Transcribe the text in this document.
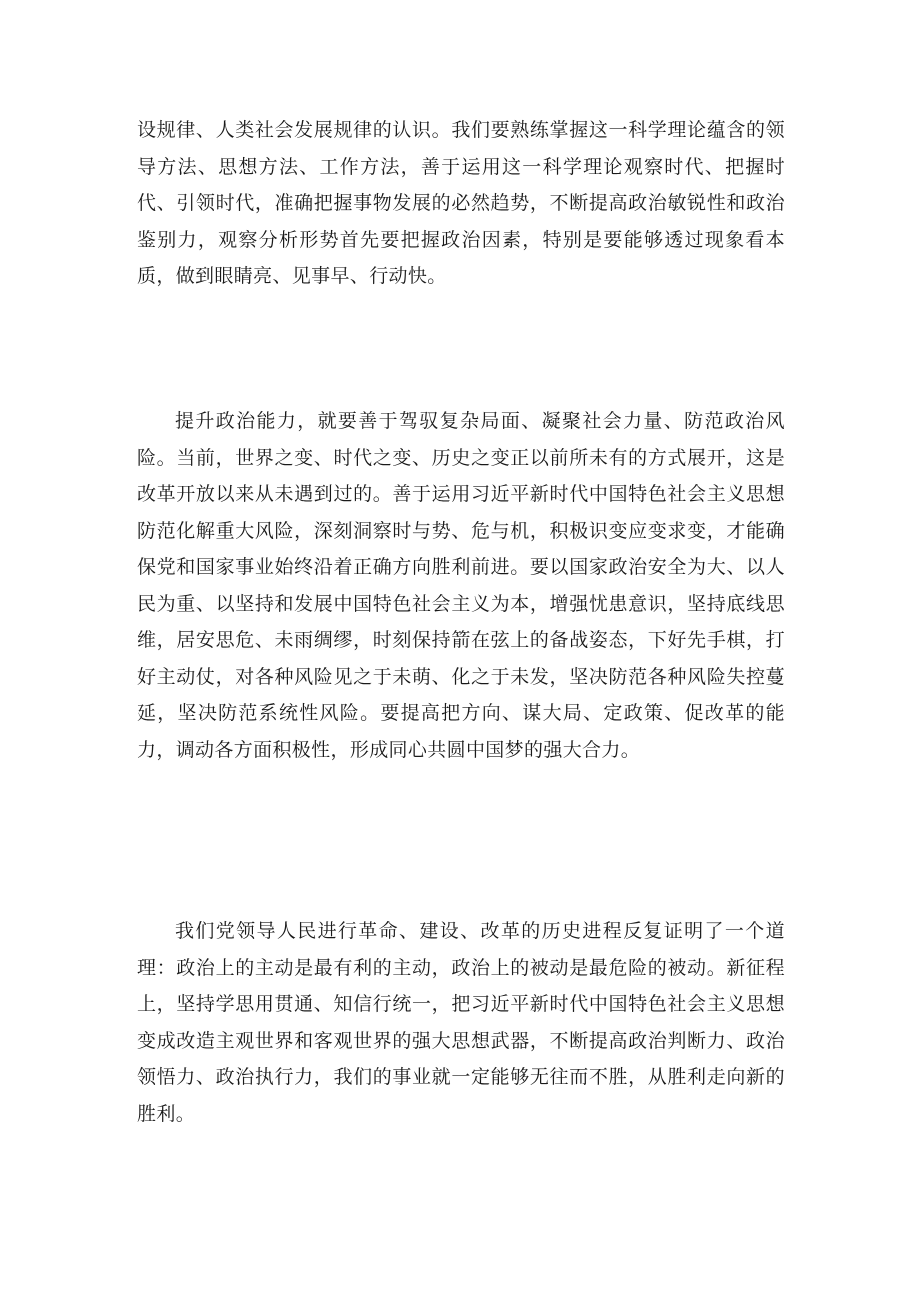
设规律、人类社会发展规律的认识。我们要熟练掌握这一科学理论蕴含的领导方法、思想方法、工作方法，善于运用这一科学理论观察时代、把握时代、引领时代，准确把握事物发展的必然趋势，不断提高政治敏锐性和政治鉴别力，观察分析形势首先要把握政治因素，特别是要能够透过现象看本质，做到眼睛亮、见事早、行动快。

提升政治能力，就要善于驾驭复杂局面、凝聚社会力量、防范政治风险。当前，世界之变、时代之变、历史之变正以前所未有的方式展开，这是改革开放以来从未遇到过的。善于运用习近平新时代中国特色社会主义思想防范化解重大风险，深刻洞察时与势、危与机，积极识变应变求变，才能确保党和国家事业始终沿着正确方向胜利前进。要以国家政治安全为大、以人民为重、以坚持和发展中国特色社会主义为本，增强忧患意识，坚持底线思维，居安思危、未雨绸缪，时刻保持箭在弦上的备战姿态，下好先手棋，打好主动仗，对各种风险见之于未萌、化之于未发，坚决防范各种风险失控蔓延，坚决防范系统性风险。要提高把方向、谋大局、定政策、促改革的能力，调动各方面积极性，形成同心共圆中国梦的强大合力。

我们党领导人民进行革命、建设、改革的历史进程反复证明了一个道理：政治上的主动是最有利的主动，政治上的被动是最危险的被动。新征程上，坚持学思用贯通、知信行统一，把习近平新时代中国特色社会主义思想变成改造主观世界和客观世界的强大思想武器，不断提高政治判断力、政治领悟力、政治执行力，我们的事业就一定能够无往而不胜，从胜利走向新的胜利。
